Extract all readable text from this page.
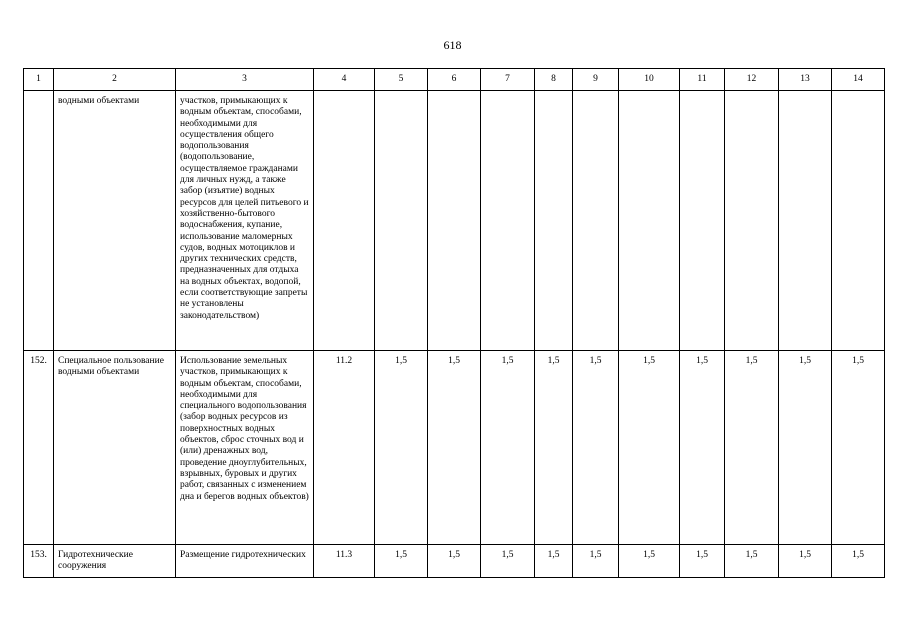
618
1	2	3	4	5	6	7	8	9	10	11	12	13	14
	водными объектами	участков, примыкающих к водным объектам, способами, необходимыми для осуществления общего водопользования (водопользование, осуществляемое гражданами для личных нужд, а также забор (изъятие) водных ресурсов для целей питьевого и хозяйственно-бытового водоснабжения, купание, использование маломерных судов, водных мотоциклов и других технических средств, предназначенных для отдыха на водных объектах, водопой, если соответствующие запреты не установлены законодательством)											
152.	Специальное пользование водными объектами	Использование земельных участков, примыкающих к водным объектам, способами, необходимыми для специального водопользования (забор водных ресурсов из поверхностных водных объектов, сброс сточных вод и (или) дренажных вод, проведение дноуглубительных, взрывных, буровых и других работ, связанных с изменением дна и берегов водных объектов)	11.2	1,5	1,5	1,5	1,5	1,5	1,5	1,5	1,5	1,5	1,5
153.	Гидротехнические сооружения	Размещение гидротехнических	11.3	1,5	1,5	1,5	1,5	1,5	1,5	1,5	1,5	1,5	1,5
